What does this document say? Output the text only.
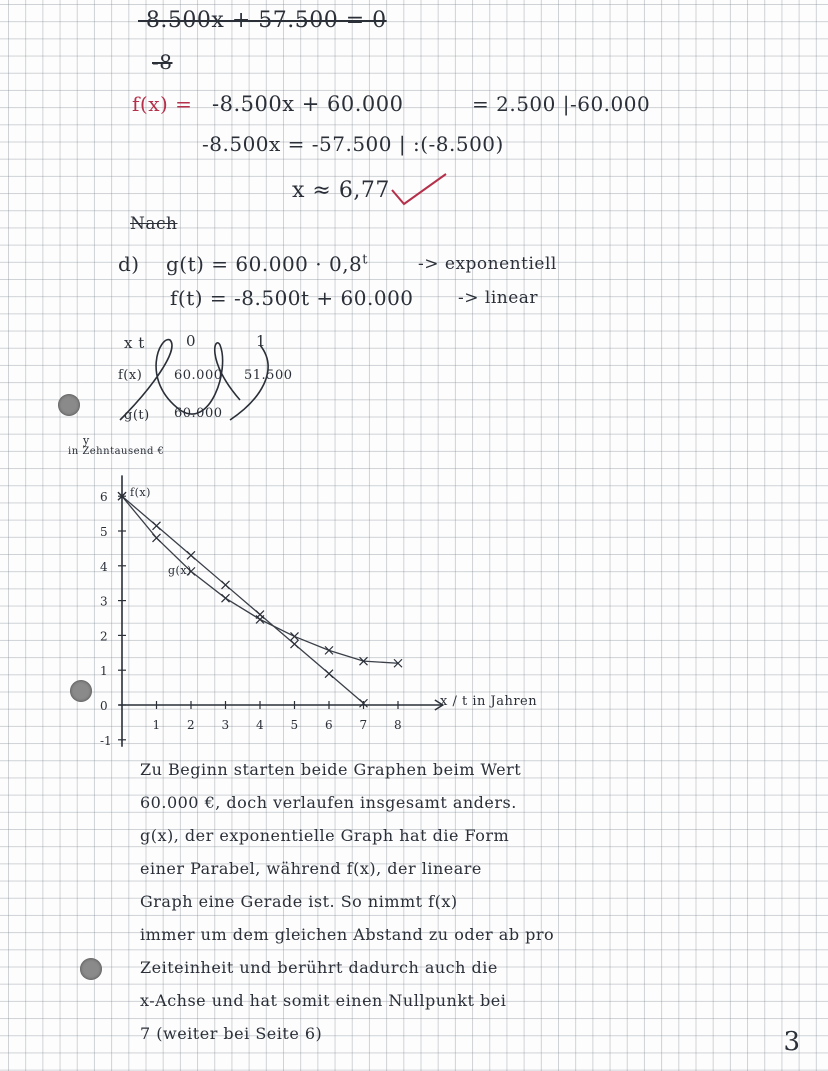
-8.500x + 57.500 = 0
-8
f(x) = -8.500x + 60.000	= 2.500 |-60.000
-8.500x = -57.500 | :(-8.500)
x ≈ 6,77
Nach
d) $g(t) = 60.000 \cdot 0,8^t$	-> exponentiell
f(t) = -8.500t + 60.000	-> linear
x t	0	1
f(x) 60.000 51.500
g(t) 60.000
y
in Zehntausend €
6
5
4
3
2
1
0
-1
1 2 3 4 5 6 7 8
x / t in Jahren
f(x)
g(x)
Zu Beginn starten beide Graphen beim Wert
60.000 €, doch verlaufen insgesamt anders.
g(x), der exponentielle Graph hat die Form
einer Parabel, während f(x), der lineare
Graph eine Gerade ist. So nimmt f(x)
immer um dem gleichen Abstand zu oder ab pro
Zeiteinheit und berührt dadurch auch die
x-Achse und hat somit einen Nullpunkt bei
7 (weiter bei Seite 6)	3
